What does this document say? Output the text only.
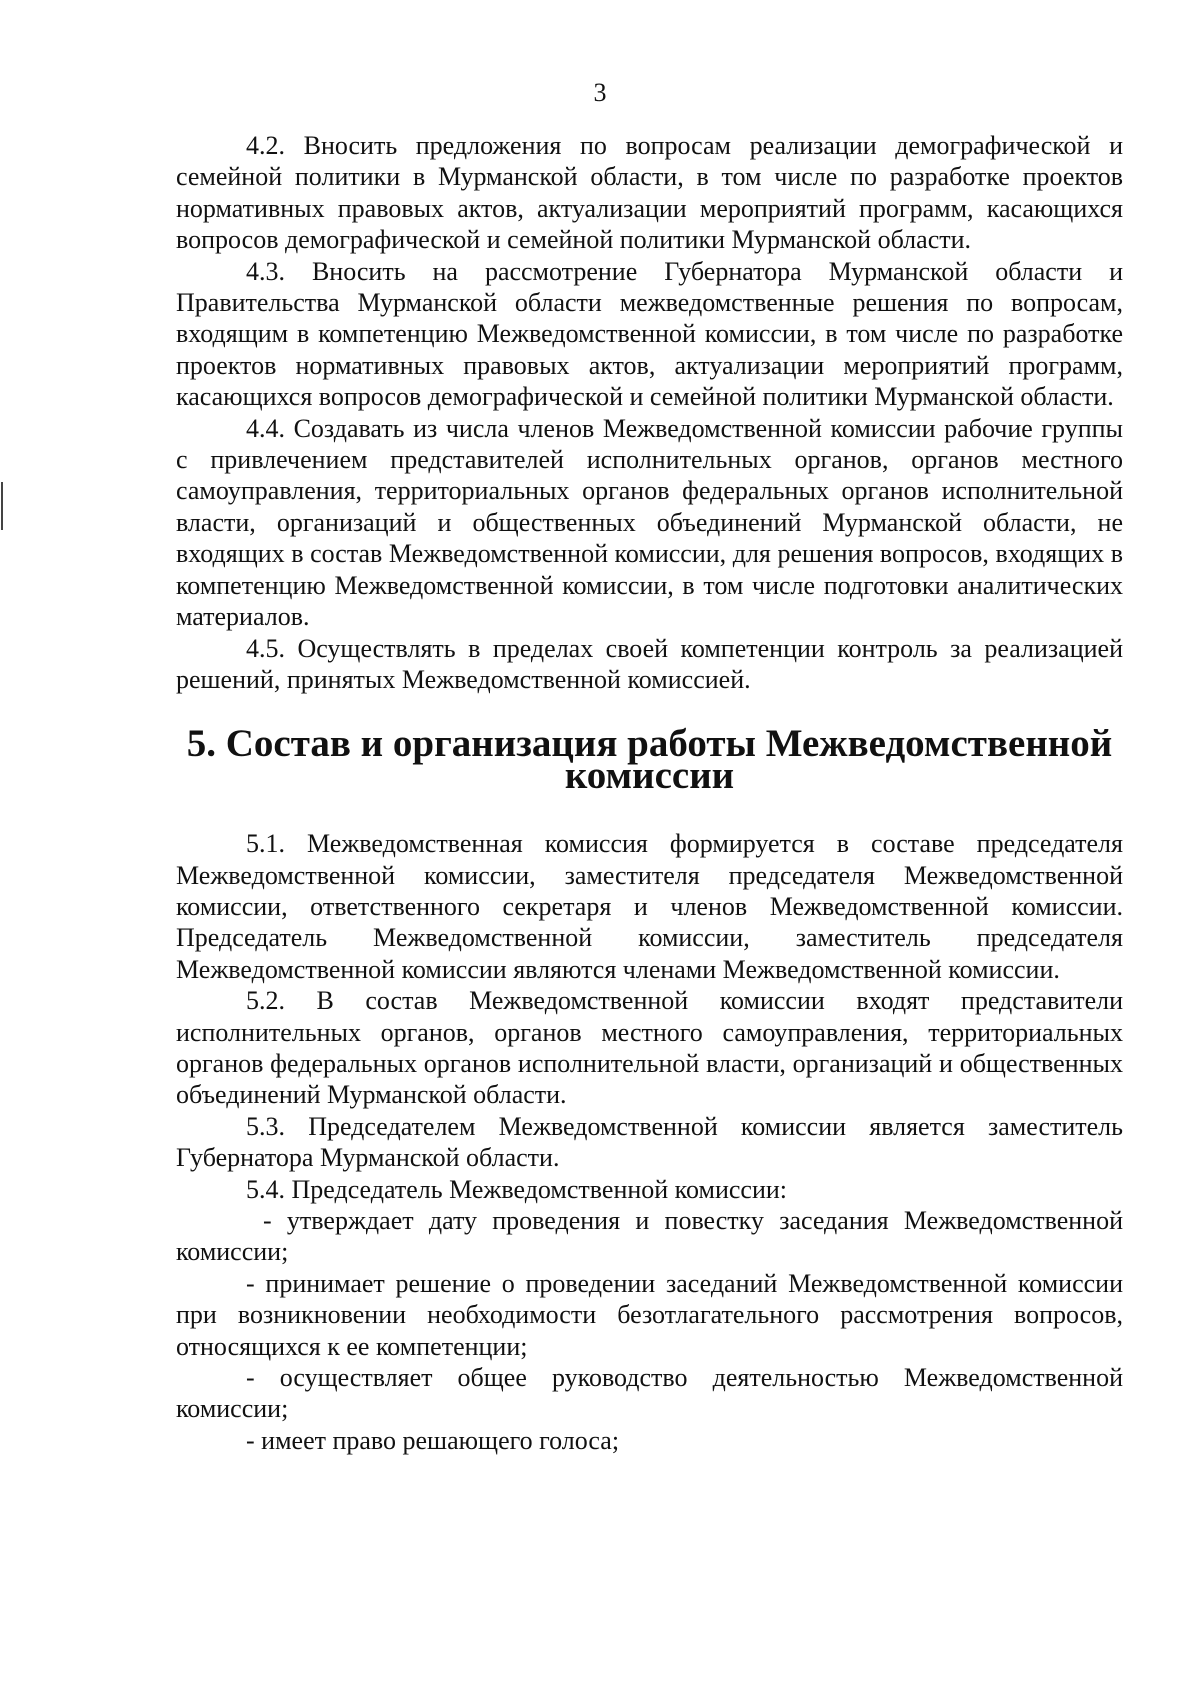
3

4.2. Вносить предложения по вопросам реализации демографической и семейной политики в Мурманской области, в том числе по разработке проектов нормативных правовых актов, актуализации мероприятий программ, касающихся вопросов демографической и семейной политики Мурманской области.

4.3. Вносить на рассмотрение Губернатора Мурманской области и Правительства Мурманской области межведомственные решения по вопросам, входящим в компетенцию Межведомственной комиссии, в том числе по разработке проектов нормативных правовых актов, актуализации мероприятий программ, касающихся вопросов демографической и семейной политики Мурманской области.

4.4. Создавать из числа членов Межведомственной комиссии рабочие группы с привлечением представителей исполнительных органов, органов местного самоуправления, территориальных органов федеральных органов исполнительной власти, организаций и общественных объединений Мурманской области, не входящих в состав Межведомственной комиссии, для решения вопросов, входящих в компетенцию Межведомственной комиссии, в том числе подготовки аналитических материалов.

4.5. Осуществлять в пределах своей компетенции контроль за реализацией решений, принятых Межведомственной комиссией.

5. Состав и организация работы Межведомственной комиссии

5.1. Межведомственная комиссия формируется в составе председателя Межведомственной комиссии, заместителя председателя Межведомственной комиссии, ответственного секретаря и членов Межведомственной комиссии. Председатель Межведомственной комиссии, заместитель председателя Межведомственной комиссии являются членами Межведомственной комиссии.

5.2. В состав Межведомственной комиссии входят представители исполнительных органов, органов местного самоуправления, территориальных органов федеральных органов исполнительной власти, организаций и общественных объединений Мурманской области.

5.3. Председателем Межведомственной комиссии является заместитель Губернатора Мурманской области.

5.4. Председатель Межведомственной комиссии:

- утверждает дату проведения и повестку заседания Межведомственной комиссии;

- принимает решение о проведении заседаний Межведомственной комиссии при возникновении необходимости безотлагательного рассмотрения вопросов, относящихся к ее компетенции;

- осуществляет общее руководство деятельностью Межведомственной комиссии;

- имеет право решающего голоса;
